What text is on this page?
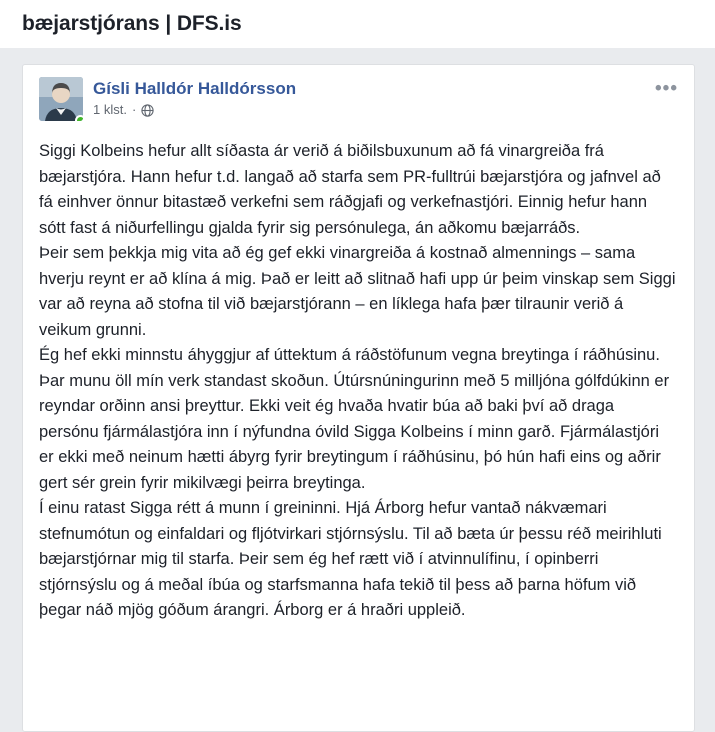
bæjarstjórans | DFS.is
Gísli Halldór Halldórsson
1 klst. ·
•••

Siggi Kolbeins hefur allt síðasta ár verið á biðilsbuxunum að fá vinargreiða frá bæjarstjóra. Hann hefur t.d. langað að starfa sem PR-fulltrúi bæjarstjóra og jafnvel að fá einhver önnur bitastæð verkefni sem ráðgjafi og verkefnastjóri. Einnig hefur hann sótt fast á niðurfellingu gjalda fyrir sig persónulega, án aðkomu bæjarráðs.

Þeir sem þekkja mig vita að ég gef ekki vinargreiða á kostnað almennings – sama hverju reynt er að klína á mig. Það er leitt að slitnað hafi upp úr þeim vinskap sem Siggi var að reyna að stofna til við bæjarstjórann – en líklega hafa þær tilraunir verið á veikum grunni.

Ég hef ekki minnstu áhyggjur af úttektum á ráðstöfunum vegna breytinga í ráðhúsinu. Þar munu öll mín verk standast skoðun. Útúrsnúningurinn með 5 milljóna gólfdúkinn er reyndar orðinn ansi þreyttur. Ekki veit ég hvaða hvatir búa að baki því að draga persónu fjármálastjóra inn í nýfundna óvild Sigga Kolbeins í minn garð. Fjármálastjóri er ekki með neinum hætti ábyrg fyrir breytingum í ráðhúsinu, þó hún hafi eins og aðrir gert sér grein fyrir mikilvægi þeirra breytinga.

Í einu ratast Sigga rétt á munn í greininni. Hjá Árborg hefur vantað nákvæmari stefnumótun og einfaldari og fljótvirkari stjórnsýslu. Til að bæta úr þessu réð meirihluti bæjarstjórnar mig til starfa. Þeir sem ég hef rætt við í atvinnulífinu, í opinberri stjórnsýslu og á meðal íbúa og starfsmanna hafa tekið til þess að þarna höfum við þegar náð mjög góðum árangri. Árborg er á hraðri uppleið.
